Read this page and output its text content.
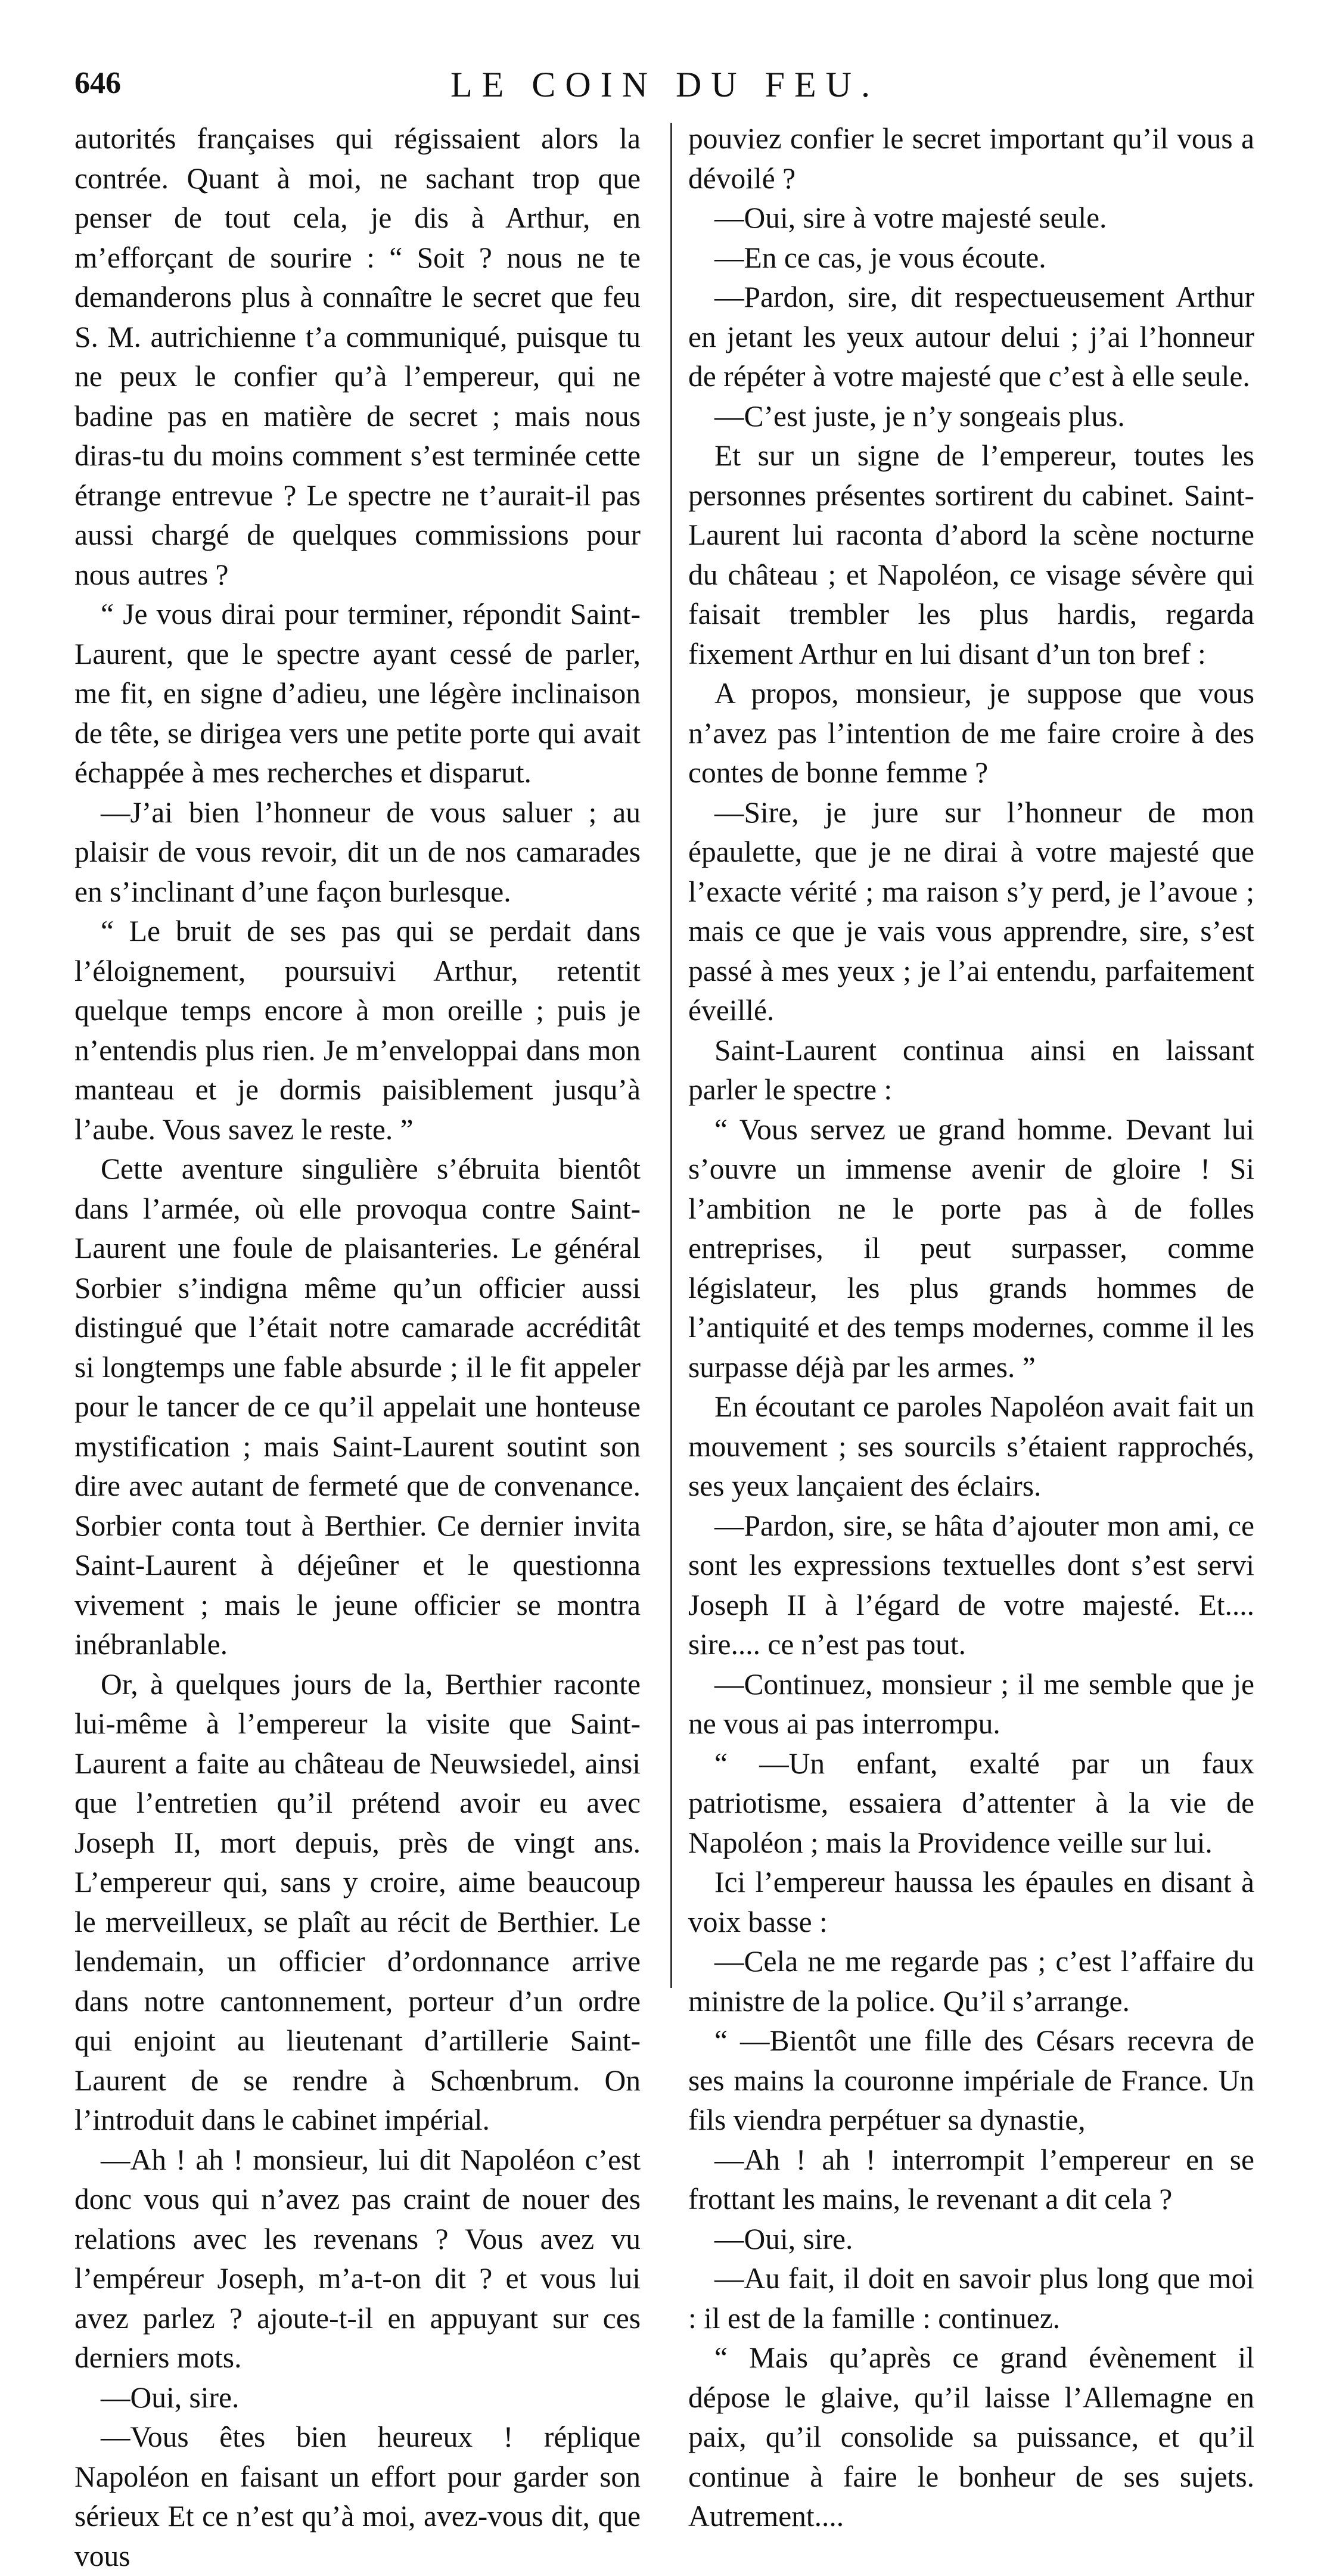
646	LE COIN DU FEU.

autorités françaises qui régissaient alors la contrée. Quant à moi, ne sachant trop que penser de tout cela, je dis à Arthur, en m’efforçant de sourire : “ Soit ? nous ne te demanderons plus à connaître le secret que feu S. M. autrichienne t’a communiqué, puisque tu ne peux le confier qu’à l’empereur, qui ne badine pas en matière de secret ; mais nous diras-tu du moins comment s’est terminée cette étrange entrevue ? Le spectre ne t’aurait-il pas aussi chargé de quelques commissions pour nous autres ?

“ Je vous dirai pour terminer, répondit Saint-Laurent, que le spectre ayant cessé de parler, me fit, en signe d’adieu, une légère inclinaison de tête, se dirigea vers une petite porte qui avait échappée à mes recherches et disparut.

—J’ai bien l’honneur de vous saluer ; au plaisir de vous revoir, dit un de nos camarades en s’inclinant d’une façon burlesque.

“ Le bruit de ses pas qui se perdait dans l’éloignement, poursuivi Arthur, retentit quelque temps encore à mon oreille ; puis je n’entendis plus rien. Je m’enveloppai dans mon manteau et je dormis paisiblement jusqu’à l’aube. Vous savez le reste. ”

Cette aventure singulière s’ébruita bientôt dans l’armée, où elle provoqua contre Saint-Laurent une foule de plaisanteries. Le général Sorbier s’indigna même qu’un officier aussi distingué que l’était notre camarade accréditât si longtemps une fable absurde ; il le fit appeler pour le tancer de ce qu’il appelait une honteuse mystification ; mais Saint-Laurent soutint son dire avec autant de fermeté que de convenance. Sorbier conta tout à Berthier. Ce dernier invita Saint-Laurent à déjeûner et le questionna vivement ; mais le jeune officier se montra inébranlable.

Or, à quelques jours de la, Berthier raconte lui-même à l’empereur la visite que Saint-Laurent a faite au château de Neuwsiedel, ainsi que l’entretien qu’il prétend avoir eu avec Joseph II, mort depuis, près de vingt ans. L’empereur qui, sans y croire, aime beaucoup le merveilleux, se plaît au récit de Berthier. Le lendemain, un officier d’ordonnance arrive dans notre cantonnement, porteur d’un ordre qui enjoint au lieutenant d’artillerie Saint-Laurent de se rendre à Schœnbrum. On l’introduit dans le cabinet impérial.

—Ah ! ah ! monsieur, lui dit Napoléon c’est donc vous qui n’avez pas craint de nouer des relations avec les revenans ? Vous avez vu l’empéreur Joseph, m’a-t-on dit ? et vous lui avez parlez ? ajoute-t-il en appuyant sur ces derniers mots.

—Oui, sire.

—Vous êtes bien heureux ! réplique Napoléon en faisant un effort pour garder son sérieux Et ce n’est qu’à moi, avez-vous dit, que vous

pouviez confier le secret important qu’il vous a dévoilé ?

—Oui, sire à votre majesté seule.

—En ce cas, je vous écoute.

—Pardon, sire, dit respectueusement Arthur en jetant les yeux autour delui ; j’ai l’honneur de répéter à votre majesté que c’est à elle seule.

—C’est juste, je n’y songeais plus.

Et sur un signe de l’empereur, toutes les personnes présentes sortirent du cabinet. Saint-Laurent lui raconta d’abord la scène nocturne du château ; et Napoléon, ce visage sévère qui faisait trembler les plus hardis, regarda fixement Arthur en lui disant d’un ton bref :

A propos, monsieur, je suppose que vous n’avez pas l’intention de me faire croire à des contes de bonne femme ?

—Sire, je jure sur l’honneur de mon épaulette, que je ne dirai à votre majesté que l’exacte vérité ; ma raison s’y perd, je l’avoue ; mais ce que je vais vous apprendre, sire, s’est passé à mes yeux ; je l’ai entendu, parfaitement éveillé.

Saint-Laurent continua ainsi en laissant parler le spectre :

“ Vous servez ue grand homme. Devant lui s’ouvre un immense avenir de gloire ! Si l’ambition ne le porte pas à de folles entreprises, il peut surpasser, comme législateur, les plus grands hommes de l’antiquité et des temps modernes, comme il les surpasse déjà par les armes. ”

En écoutant ce paroles Napoléon avait fait un mouvement ; ses sourcils s’étaient rapprochés, ses yeux lançaient des éclairs.

—Pardon, sire, se hâta d’ajouter mon ami, ce sont les expressions textuelles dont s’est servi Joseph II à l’égard de votre majesté. Et.... sire.... ce n’est pas tout.

—Continuez, monsieur ; il me semble que je ne vous ai pas interrompu.

“ —Un enfant, exalté par un faux patriotisme, essaiera d’attenter à la vie de Napoléon ; mais la Providence veille sur lui.

Ici l’empereur haussa les épaules en disant à voix basse :

—Cela ne me regarde pas ; c’est l’affaire du ministre de la police. Qu’il s’arrange.

“ —Bientôt une fille des Césars recevra de ses mains la couronne impériale de France. Un fils viendra perpétuer sa dynastie,

—Ah ! ah ! interrompit l’empereur en se frottant les mains, le revenant a dit cela ?

—Oui, sire.

—Au fait, il doit en savoir plus long que moi : il est de la famille : continuez.

“ Mais qu’après ce grand évènement il dépose le glaive, qu’il laisse l’Allemagne en paix, qu’il consolide sa puissance, et qu’il continue à faire le bonheur de ses sujets. Autrement....
